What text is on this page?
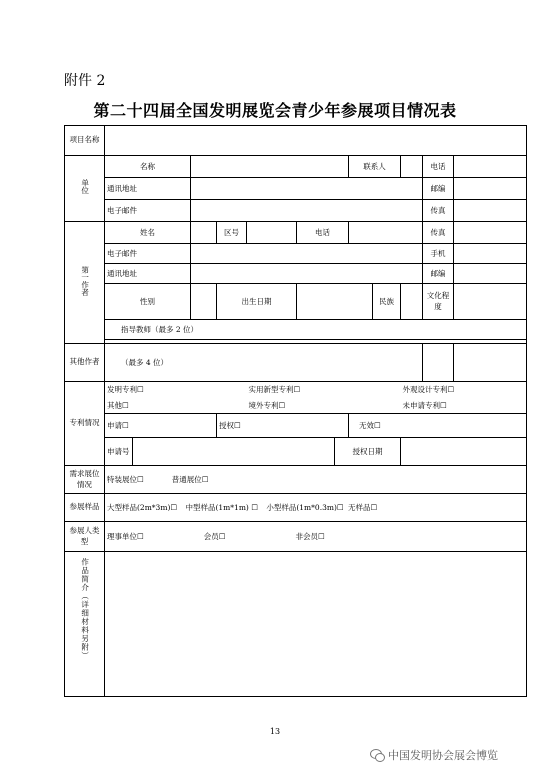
附件 2
第二十四届全国发明展览会青少年参展项目情况表
项目名称												
单位	名称							联系人			电话	
	通讯地址										邮编	
	电子邮件										传真	
第一作者	姓名			区号		电话					传真	
	电子邮件										手机	
	通讯地址										邮编	
	性别			出生日期					民族		文化程度	
	指导教师（最多 2 位）											

其他作者	（最多 4 位）											
专利情况	发明专利☐				实用新型专利☐					外观设计专利☐		
	其他☐				境外专利☐					未申请专利☐		
	申请☐			授权☐				无效☐				
	申请号						授权日期					
需求展位情况	特装展位☐ 普通展位☐											
参展样品	大型样品(2m*3m)☐ 中型样品(1m*1m) ☐ 小型样品(1m*0.3m)☐ 无样品☐											
参展人类型	理事单位☐ 会员☐ 非会员☐											
作品简介（详细材料另附）												
13
中国发明协会展会博览
